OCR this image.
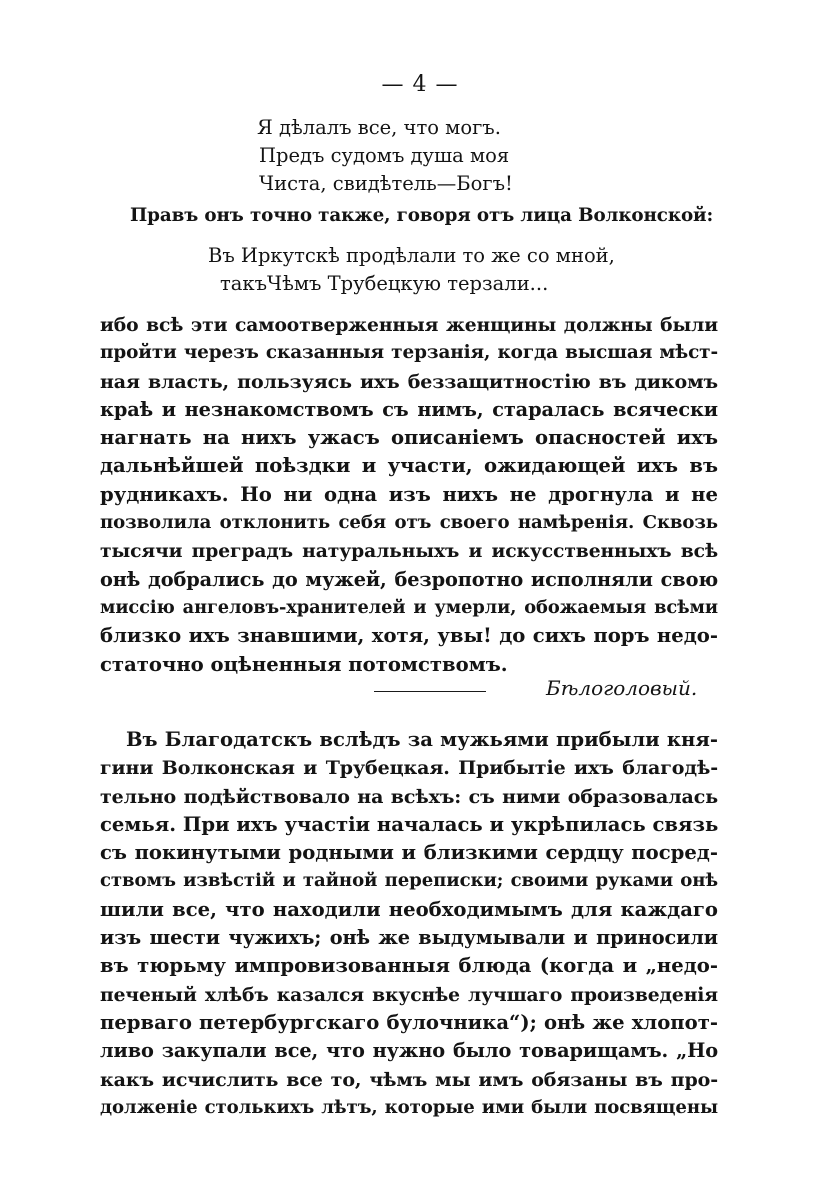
— 4 —
Я дѣлалъ все, что могъ.
Предъ судомъ душа моя
Чиста, свидѣтель—Богъ!
Правъ онъ точно также, говоря отъ лица Волконской:
Въ Иркутскѣ продѣлали то же со мной,
такъЧѣмъ Трубецкую терзали...
ибо всѣ эти самоотверженныя женщины должны были
пройти черезъ сказанныя терзанія, когда высшая мѣст-
ная власть, пользуясь ихъ беззащитностію въ дикомъ
краѣ и незнакомствомъ съ нимъ, старалась всячески
нагнать на нихъ ужасъ описаніемъ опасностей ихъ
дальнѣйшей поѣздки и участи, ожидающей ихъ въ
рудникахъ. Но ни одна изъ нихъ не дрогнула и не
позволила отклонить себя отъ своего намѣренія. Сквозь
тысячи преградъ натуральныхъ и искусственныхъ всѣ
онѣ добрались до мужей, безропотно исполняли свою
миссію ангеловъ-хранителей и умерли, обожаемыя всѣми
близко ихъ знавшими, хотя, увы! до сихъ поръ недо-
статочно оцѣненныя потомствомъ.
Бѣлоголовый.
Въ Благодатскъ вслѣдъ за мужьями прибыли кня-
гини Волконская и Трубецкая. Прибытіе ихъ благодѣ-
тельно подѣйствовало на всѣхъ: съ ними образовалась
семья. При ихъ участіи началась и укрѣпилась связь
съ покинутыми родными и близкими сердцу посред-
ствомъ извѣстій и тайной переписки; своими руками онѣ
шили все, что находили необходимымъ для каждаго
изъ шести чужихъ; онѣ же выдумывали и приносили
въ тюрьму импровизованныя блюда (когда и „недо-
печеный хлѣбъ казался вкуснѣе лучшаго произведенія
перваго петербургскаго булочника“); онѣ же хлопот-
ливо закупали все, что нужно было товарищамъ. „Но
какъ исчислить все то, чѣмъ мы имъ обязаны въ про-
долженіе столькихъ лѣтъ, которые ими были посвящены
